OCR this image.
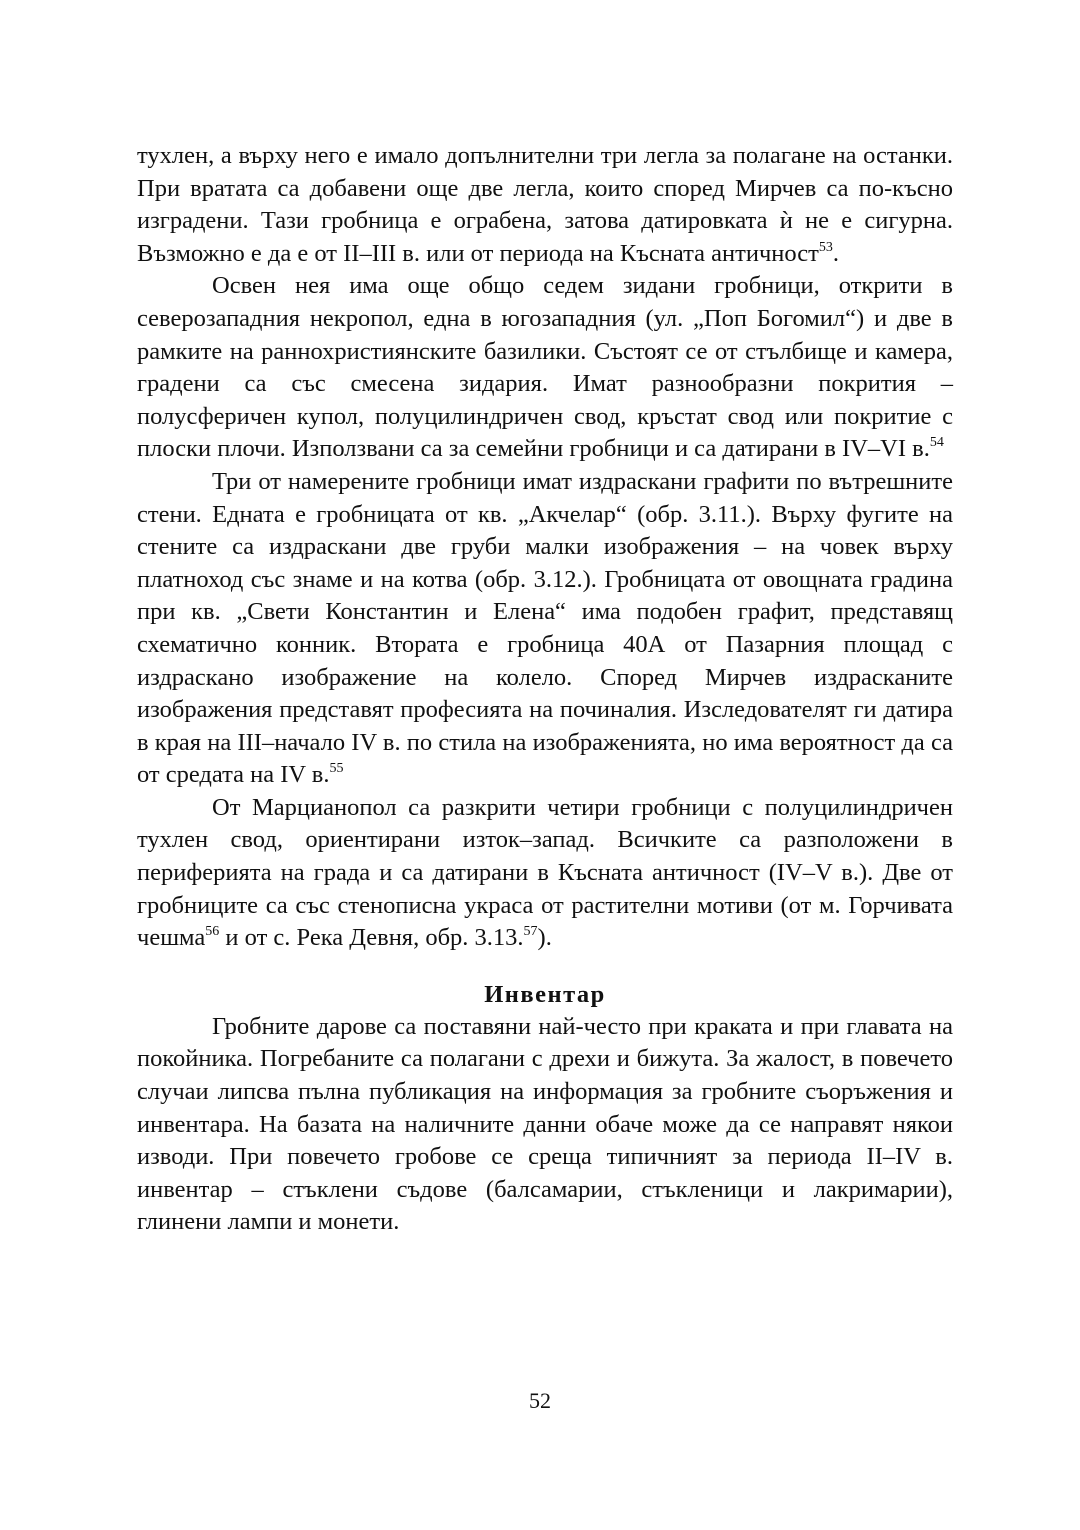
тухлен, а върху него е имало допълнителни три легла за полагане на останки. При вратата са добавени още две легла, които според Мирчев са по-късно изградени. Тази гробница е ограбена, затова датировката ѝ не е сигурна. Възможно е да е от II–III в. или от периода на Късната античност$^{53}$.

Освен нея има още общо седем зидани гробници, открити в северозападния некропол, една в югозападния (ул. „Поп Богомил“) и две в рамките на раннохристиянските базилики. Състоят се от стълбище и камера, градени са със смесена зидария. Имат разнообразни покрития – полусферичен купол, полуцилиндричен свод, кръстат свод или покритие с плоски плочи. Използвани са за семейни гробници и са датирани в IV–VI в.$^{54}$

Три от намерените гробници имат издраскани графити по вътрешните стени. Едната е гробницата от кв. „Акчелар“ (обр. 3.11.). Върху фугите на стените са издраскани две груби малки изображения – на човек върху платноход със знаме и на котва (обр. 3.12.). Гробницата от овощната градина при кв. „Свети Константин и Елена“ има подобен графит, представящ схематично конник. Втората е гробница 40А от Пазарния площад с издраскано изображение на колело. Според Мирчев издрасканите изображения представят професията на починалия. Изследователят ги датира в края на III–начало IV в. по стила на изображенията, но има вероятност да са от средата на IV в.$^{55}$

От Марцианопол са разкрити четири гробници с полуцилиндричен тухлен свод, ориентирани изток–запад. Всичките са разположени в периферията на града и са датирани в Късната античност (IV–V в.). Две от гробниците са със стенописна украса от растителни мотиви (от м. Горчивата чешма$^{56}$ и от с. Река Девня, обр. 3.13.57).

Инвентар

Гробните дарове са поставяни най-често при краката и при главата на покойника. Погребаните са полагани с дрехи и бижута. За жалост, в повечето случаи липсва пълна публикация на информация за гробните съоръжения и инвентара. На базата на наличните данни обаче може да се направят някои изводи. При повечето гробове се среща типичният за периода II–IV в. инвентар – стъклени съдове (балсамарии, стъкленици и лакримарии), глинени лампи и монети.

52
